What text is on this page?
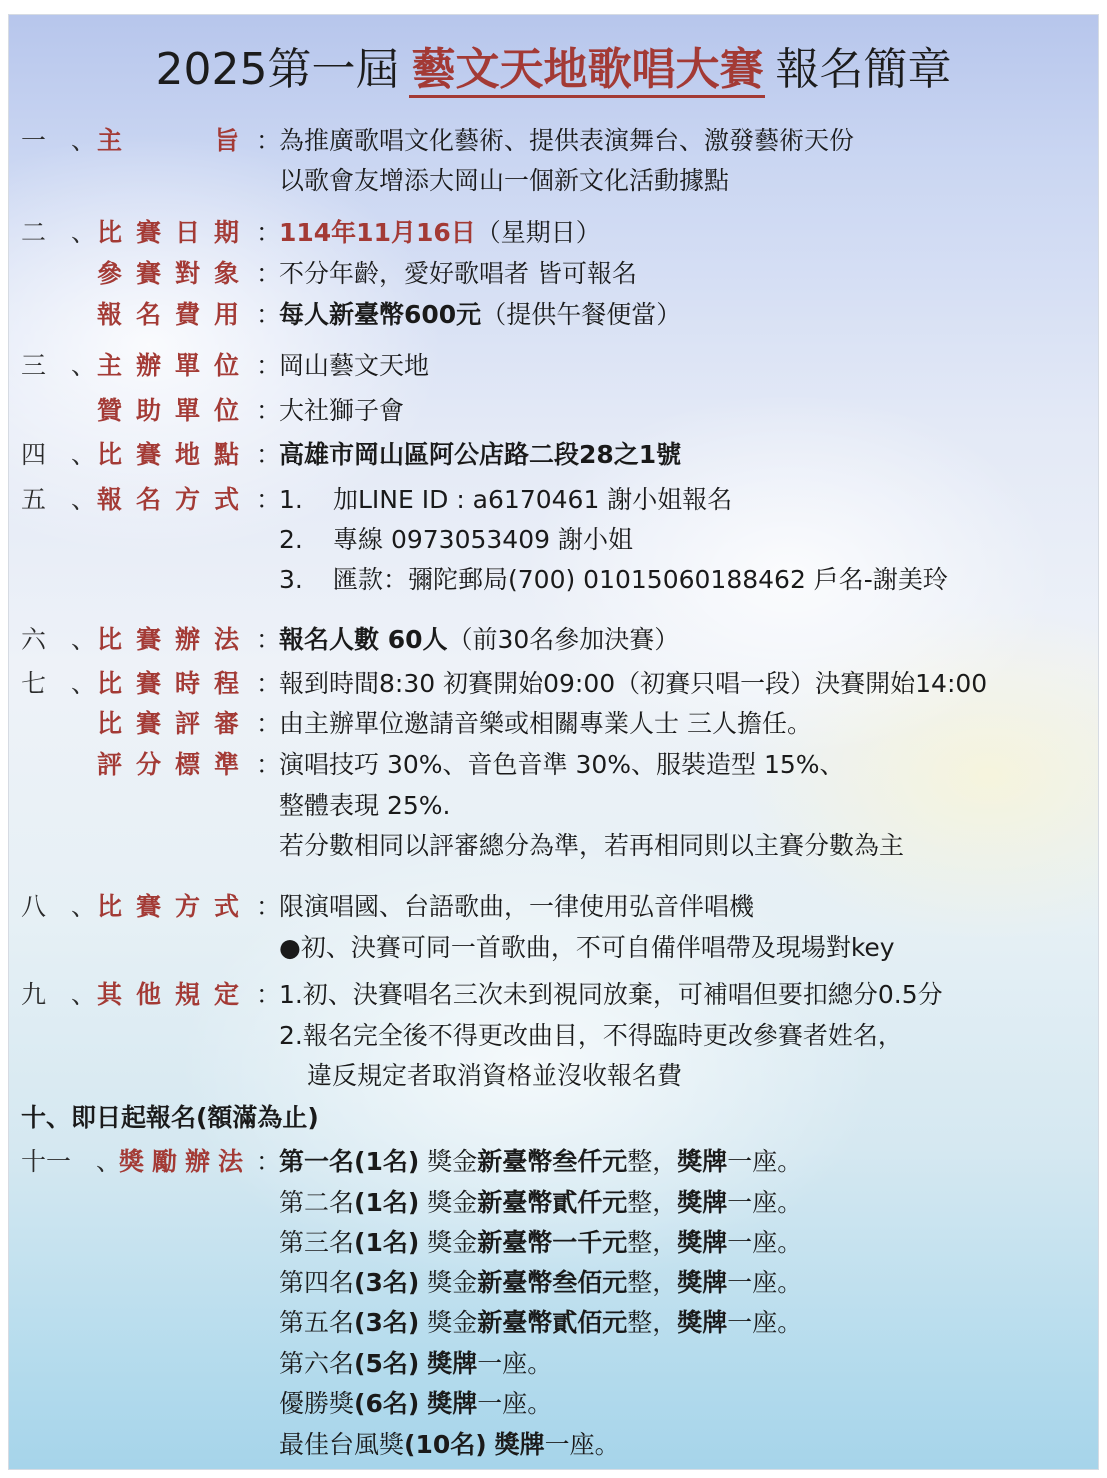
2025第一屆 藝文天地歌唱大賽 報名簡章
一　、 主　　旨 ：
為推廣歌唱文化藝術、提供表演舞台、激發藝術天份
以歌會友增添大岡山一個新文化活動據點
二　、 比賽日期 ：
114年11月16日（星期日）
參賽對象 ：
不分年齡，愛好歌唱者 皆可報名
報名費用 ：
每人新臺幣600元（提供午餐便當）
三　、 主辦單位 ：
岡山藝文天地
贊助單位 ：
大社獅子會
四　、 比賽地點 ：
高雄市岡山區阿公店路二段28之1號
五　、 報名方式 ：
1. 加LINE ID : a6170461 謝小姐報名
2. 專線 0973053409 謝小姐
3. 匯款：彌陀郵局(700) 01015060188462 戶名-謝美玲
六　、 比賽辦法 ：
報名人數 60人（前30名參加決賽）
七　、 比賽時程 ：
報到時間8:30 初賽開始09:00（初賽只唱一段）決賽開始14:00
比賽評審 ：
由主辦單位邀請音樂或相關專業人士 三人擔任。
評分標準 ：
演唱技巧 30%、音色音準 30%、服裝造型 15%、
整體表現 25%.
若分數相同以評審總分為準，若再相同則以主賽分數為主
八　、 比賽方式 ：
限演唱國、台語歌曲，一律使用弘音伴唱機
●初、決賽可同一首歌曲，不可自備伴唱帶及現場對key
九　、 其他規定 ：
1.初、決賽唱名三次未到視同放棄，可補唱但要扣總分0.5分
2.報名完全後不得更改曲目，不得臨時更改參賽者姓名，
違反規定者取消資格並沒收報名費
十、即日起報名(額滿為止)
十一　、
獎勵辦法 ：
第一名(1名) 獎金新臺幣叁仟元整，獎牌一座。
第二名(1名) 獎金新臺幣貳仟元整，獎牌一座。
第三名(1名) 獎金新臺幣一千元整，獎牌一座。
第四名(3名) 獎金新臺幣叁佰元整，獎牌一座。
第五名(3名) 獎金新臺幣貳佰元整，獎牌一座。
第六名(5名) 獎牌一座。
優勝獎(6名) 獎牌一座。
最佳台風獎(10名) 獎牌一座。
